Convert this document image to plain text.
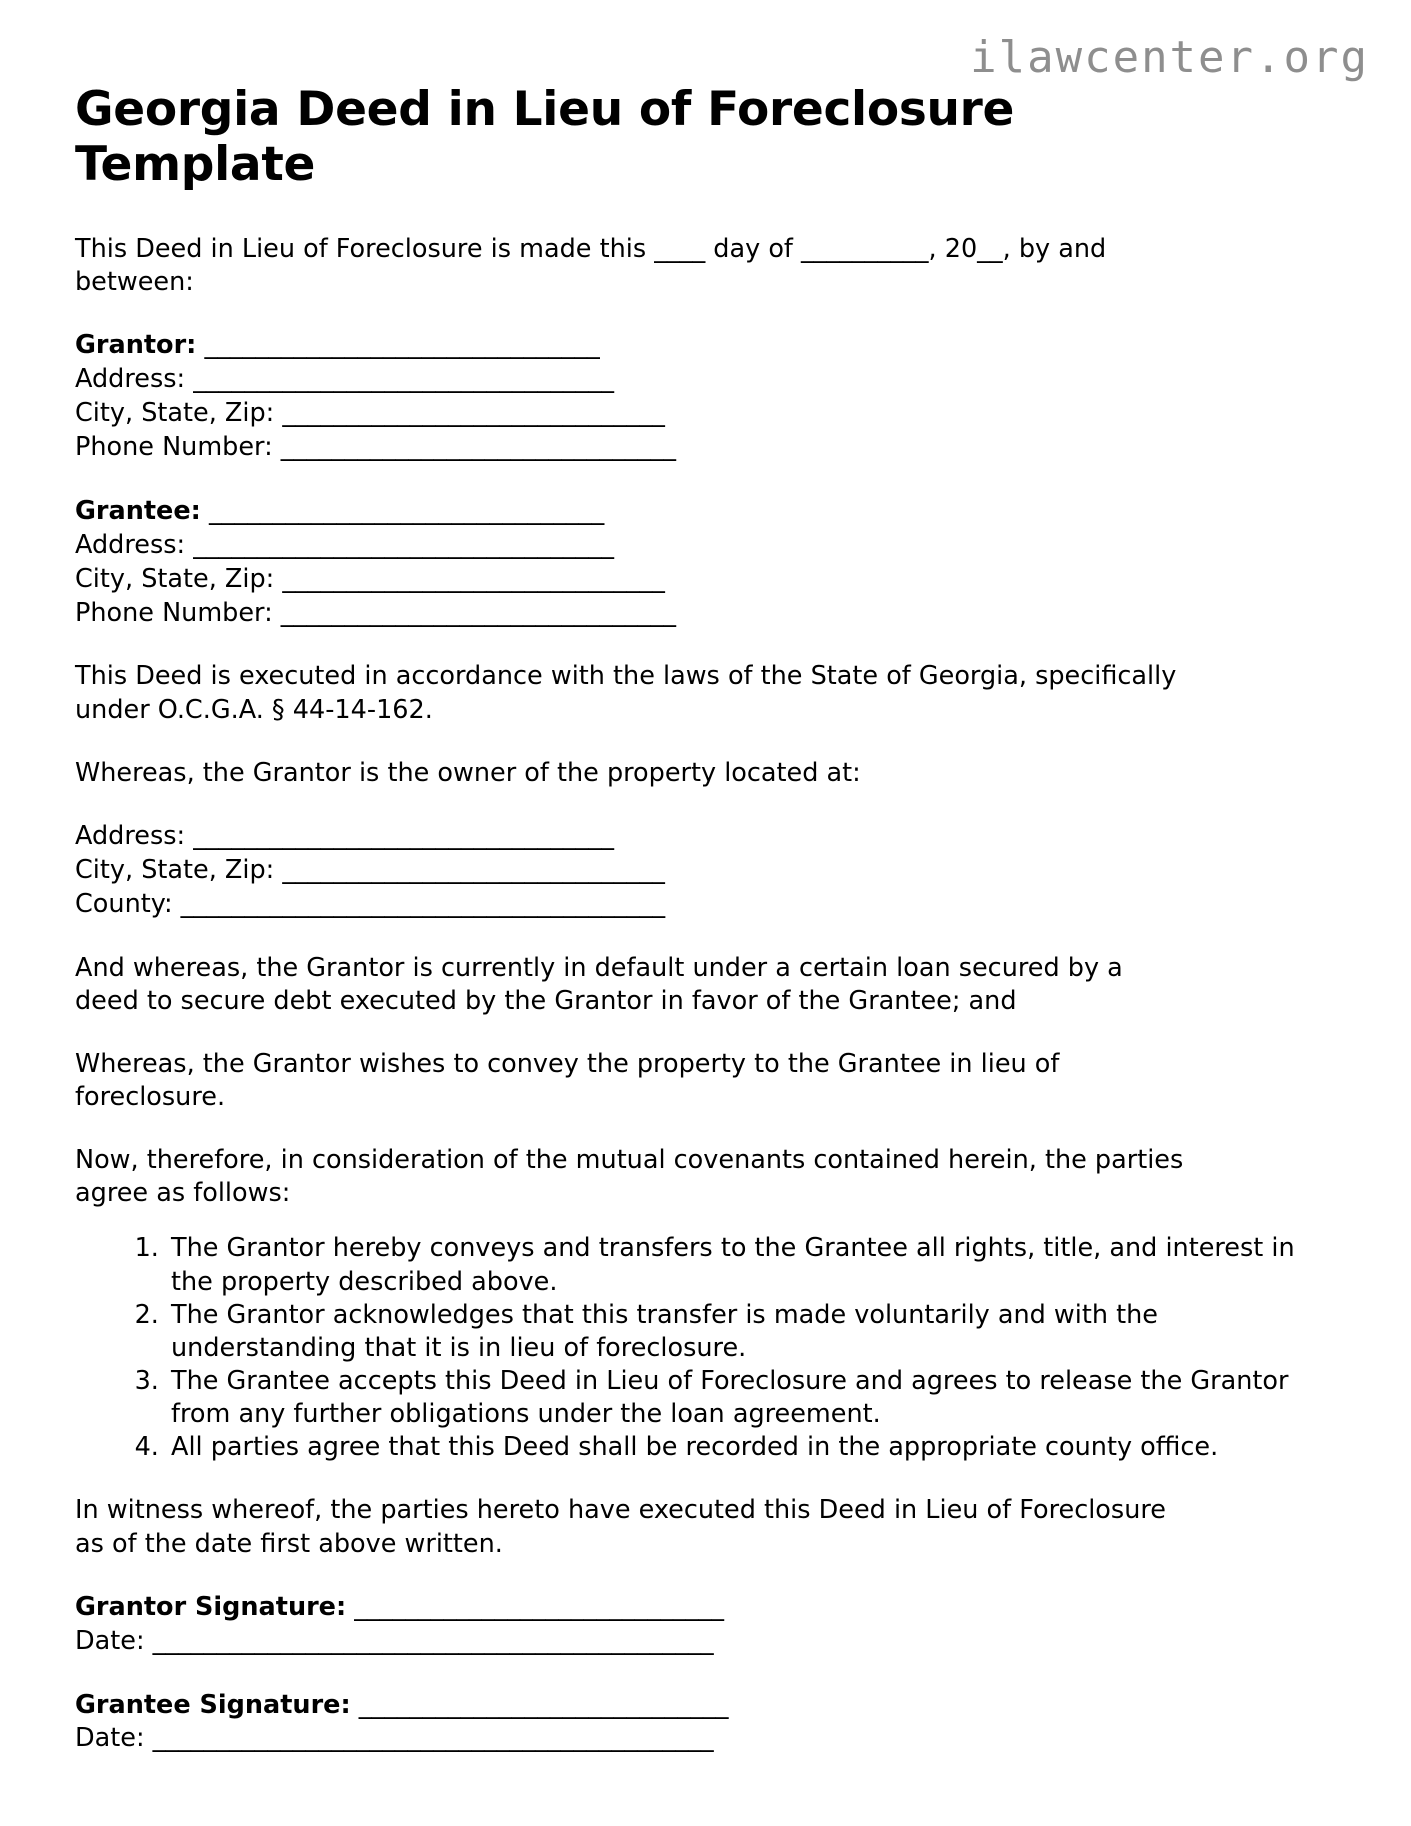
ilawcenter.org
Georgia Deed in Lieu of Foreclosure Template

This Deed in Lieu of Foreclosure is made this ____ day of __________, 20__, by and between:

Grantor: _______________________________
Address: _________________________________
City, State, Zip: ______________________________
Phone Number: _______________________________
Grantee: _______________________________
Address: _________________________________
City, State, Zip: ______________________________
Phone Number: _______________________________

This Deed is executed in accordance with the laws of the State of Georgia, specifically under O.C.G.A. § 44-14-162.

Whereas, the Grantor is the owner of the property located at:

Address: _________________________________
City, State, Zip: ______________________________
County: ______________________________________

And whereas, the Grantor is currently in default under a certain loan secured by a deed to secure debt executed by the Grantor in favor of the Grantee; and

Whereas, the Grantor wishes to convey the property to the Grantee in lieu of foreclosure.

Now, therefore, in consideration of the mutual covenants contained herein, the parties agree as follows:

1. The Grantor hereby conveys and transfers to the Grantee all rights, title, and interest in the property described above.
2. The Grantor acknowledges that this transfer is made voluntarily and with the understanding that it is in lieu of foreclosure.
3. The Grantee accepts this Deed in Lieu of Foreclosure and agrees to release the Grantor from any further obligations under the loan agreement.
4. All parties agree that this Deed shall be recorded in the appropriate county office.

In witness whereof, the parties hereto have executed this Deed in Lieu of Foreclosure as of the date first above written.

Grantor Signature: _____________________________
Date: ____________________________________________
Grantee Signature: _____________________________
Date: ____________________________________________
